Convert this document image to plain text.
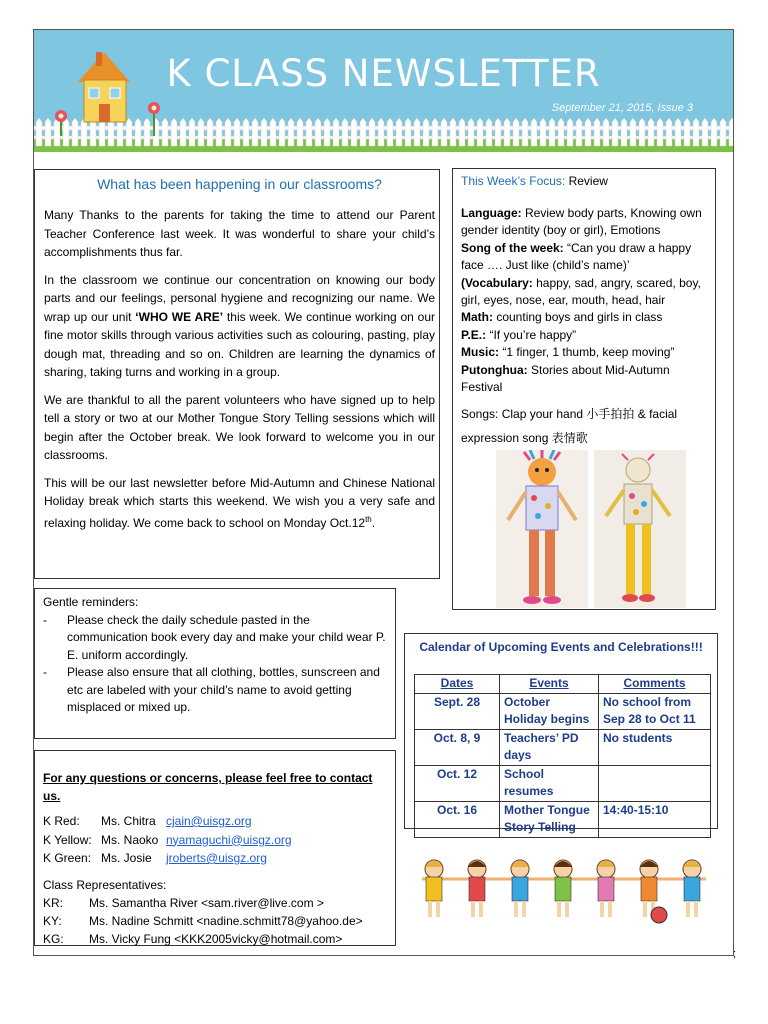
K CLASS NEWSLETTER
September 21, 2015, Issue 3
What has been happening in our classrooms?

Many Thanks to the parents for taking the time to attend our Parent Teacher Conference last week. It was wonderful to share your child’s accomplishments thus far.

In the classroom we continue our concentration on knowing our body parts and our feelings, personal hygiene and recognizing our name. We wrap up our unit ‘WHO WE ARE’ this week. We continue working on our fine motor skills through various activities such as colouring, pasting, play dough mat, threading and so on. Children are learning the dynamics of sharing, taking turns and working in a group.

We are thankful to all the parent volunteers who have signed up to help tell a story or two at our Mother Tongue Story Telling sessions which will begin after the October break. We look forward to welcome you in our classrooms.

This will be our last newsletter before Mid-Autumn and Chinese National Holiday break which starts this weekend. We wish you a very safe and relaxing holiday. We come back to school on Monday Oct.12th.

This Week’s Focus: Review
Language: Review body parts, Knowing own gender identity (boy or girl), Emotions
Song of the week: “Can you draw a happy face …. Just like (child’s name)’
(Vocabulary: happy, sad, angry, scared, boy, girl, eyes, nose, ear, mouth, head, hair
Math: counting boys and girls in class
P.E.: “If you’re happy”
Music: “1 finger, 1 thumb, keep moving”
Putonghua: Stories about Mid-Autumn Festival
Songs: Clap your hand 小手拍拍 & facial expression song 表情歌
Gentle reminders:
-	Please check the daily schedule pasted in the communication book every day and make your child wear P. E. uniform accordingly.
-	Please also ensure that all clothing, bottles, sunscreen and etc are labeled with your child’s name to avoid getting misplaced or mixed up.
For any questions or concerns, please feel free to contact us.
K Red:	Ms. Chitra cjain@uisgz.org
K Yellow: Ms. Naoko nyamaguchi@uisgz.org
K Green: Ms. Josie	jroberts@uisgz.org
Class Representatives:
KR:	Ms. Samantha River <sam.river@live.com >
KY:	Ms. Nadine Schmitt <nadine.schmitt78@yahoo.de>
KG:	Ms. Vicky Fung <KKK2005vicky@hotmail.com>
Calendar of Upcoming Events and Celebrations!!!
Dates	Events	Comments
Sept. 28	October Holiday begins	No school from Sep 28 to Oct 11
Oct. 8, 9	Teachers’ PD days	No students
Oct. 12	School resumes	
Oct. 16	Mother Tongue Story Telling	14:40-15:10
;
